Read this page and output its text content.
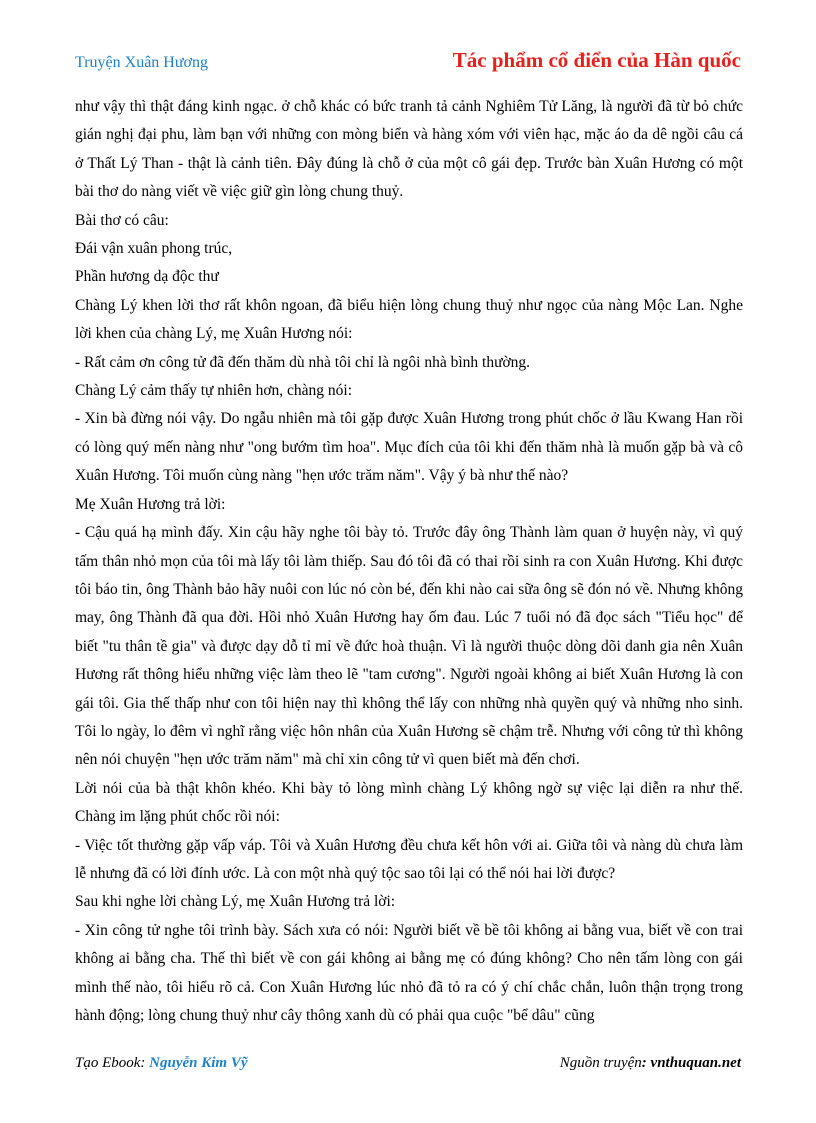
Truyện Xuân Hương	Tác phẩm cổ điển của Hàn quốc

như vậy thì thật đáng kinh ngạc. ở chỗ khác có bức tranh tả cảnh Nghiêm Tử Lăng, là người đã từ bỏ chức gián nghị đại phu, làm bạn với những con mòng biển và hàng xóm với viên hạc, mặc áo da dê ngồi câu cá ở Thất Lý Than - thật là cảnh tiên. Đây đúng là chỗ ở của một cô gái đẹp. Trước bàn Xuân Hương có một bài thơ do nàng viết về việc giữ gìn lòng chung thuỷ.

Bài thơ có câu:

Đái vận xuân phong trúc,

Phần hương dạ độc thư

Chàng Lý khen lời thơ rất khôn ngoan, đã biểu hiện lòng chung thuỷ như ngọc của nàng Mộc Lan. Nghe lời khen của chàng Lý, mẹ Xuân Hương nói:

- Rất cảm ơn công tử đã đến thăm dù nhà tôi chỉ là ngôi nhà bình thường.

Chàng Lý cảm thấy tự nhiên hơn, chàng nói:

- Xin bà đừng nói vậy. Do ngẫu nhiên mà tôi gặp được Xuân Hương trong phút chốc ở lầu Kwang Han rồi có lòng quý mến nàng như "ong bướm tìm hoa". Mục đích của tôi khi đến thăm nhà là muốn gặp bà và cô Xuân Hương. Tôi muốn cùng nàng "hẹn ước trăm năm". Vậy ý bà như thế nào?

Mẹ Xuân Hương trả lời:

- Cậu quá hạ mình đấy. Xin cậu hãy nghe tôi bày tỏ. Trước đây ông Thành làm quan ở huyện này, vì quý tấm thân nhỏ mọn của tôi mà lấy tôi làm thiếp. Sau đó tôi đã có thai rồi sinh ra con Xuân Hương. Khi được tôi báo tin, ông Thành bảo hãy nuôi con lúc nó còn bé, đến khi nào cai sữa ông sẽ đón nó về. Nhưng không may, ông Thành đã qua đời. Hồi nhỏ Xuân Hương hay ốm đau. Lúc 7 tuổi nó đã đọc sách "Tiểu học" để biết "tu thân tề gia" và được dạy dỗ tỉ mỉ về đức hoà thuận. Vì là người thuộc dòng dõi danh gia nên Xuân Hương rất thông hiểu những việc làm theo lẽ "tam cương". Người ngoài không ai biết Xuân Hương là con gái tôi. Gia thế thấp như con tôi hiện nay thì không thể lấy con những nhà quyền quý và những nho sinh. Tôi lo ngày, lo đêm vì nghĩ rằng việc hôn nhân của Xuân Hương sẽ chậm trễ. Nhưng với công tử thì không nên nói chuyện "hẹn ước trăm năm" mà chỉ xin công tử vì quen biết mà đến chơi.

Lời nói của bà thật khôn khéo. Khi bày tỏ lòng mình chàng Lý không ngờ sự việc lại diễn ra như thế. Chàng im lặng phút chốc rồi nói:

- Việc tốt thường gặp vấp váp. Tôi và Xuân Hương đều chưa kết hôn với ai. Giữa tôi và nàng dù chưa làm lễ nhưng đã có lời đính ước. Là con một nhà quý tộc sao tôi lại có thể nói hai lời được?

Sau khi nghe lời chàng Lý, mẹ Xuân Hương trả lời:

- Xin công tử nghe tôi trình bày. Sách xưa có nói: Người biết về bề tôi không ai bằng vua, biết về con trai không ai bằng cha. Thế thì biết về con gái không ai bằng mẹ có đúng không? Cho nên tấm lòng con gái mình thế nào, tôi hiểu rõ cả. Con Xuân Hương lúc nhỏ đã tỏ ra có ý chí chắc chắn, luôn thận trọng trong hành động; lòng chung thuỷ như cây thông xanh dù có phải qua cuộc "bể dâu" cũng

Tạo Ebook: Nguyễn Kim Vỹ	Nguồn truyện: vnthuquan.net
